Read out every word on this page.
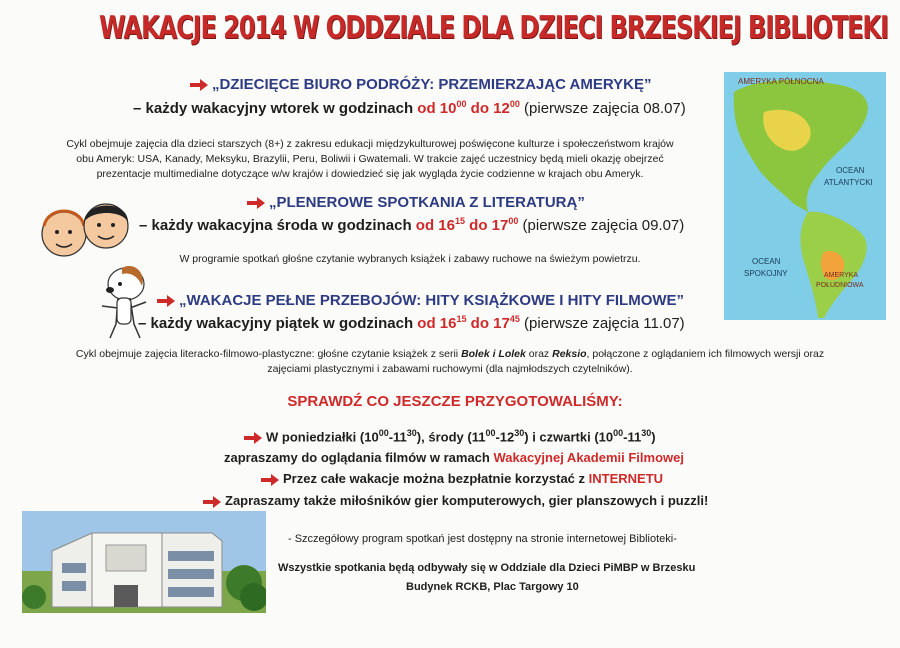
WAKACJE 2014 W ODDZIALE DLA DZIECI BRZESKIEJ BIBLIOTEKI
„DZIECIĘCE BIURO PODRÓŻY: PRZEMIERZAJĄC AMERYKĘ”
– każdy wakacyjny wtorek w godzinach od $10^{00}$ do $12^{00}$ (pierwsze zajęcia 08.07)
Cykl obejmuje zajęcia dla dzieci starszych (8+) z zakresu edukacji międzykulturowej poświęcone kulturze i społeczeństwom krajów
obu Ameryk: USA, Kanady, Meksyku, Brazylii, Peru, Boliwii i Gwatemali. W trakcie zajęć uczestnicy będą mieli okazję obejrzeć
prezentacje multimedialne dotyczące w/w krajów i dowiedzieć się jak wygląda życie codzienne w krajach obu Ameryk.
AMERYKA PÓŁNOCNA
OCEAN
ATLANTYCKI
OCEAN
SPOKOJNY	AMERYKA
POŁUDNIOWA
„PLENEROWE SPOTKANIA Z LITERATURĄ”
– każdy wakacyjna środa w godzinach od $16^{15}$ do $17^{00}$ (pierwsze zajęcia 09.07)
W programie spotkań głośne czytanie wybranych książek i zabawy ruchowe na świeżym powietrzu.
„WAKACJE PEŁNE PRZEBOJÓW: HITY KSIĄŻKOWE I HITY FILMOWE”
– każdy wakacyjny piątek w godzinach od $16^{15}$ do $17^{45}$ (pierwsze zajęcia 11.07)
Cykl obejmuje zajęcia literacko-filmowo-plastyczne: głośne czytanie książek z serii Bolek i Lolek oraz Reksio, połączone z oglądaniem ich filmowych wersji oraz
zajęciami plastycznymi i zabawami ruchowymi (dla najmłodszych czytelników).
SPRAWDŹ CO JESZCZE PRZYGOTOWALIŚMY:
W poniedziałki $(10^{00}-11^{30})$, środy $(11^{00}-12^{30})$ i czwartki $(10^{00}-11^{30})$
zapraszamy do oglądania filmów w ramach Wakacyjnej Akademii Filmowej
Przez całe wakacje można bezpłatnie korzystać z INTERNETU
Zapraszamy także miłośników gier komputerowych, gier planszowych i puzzli!
- Szczegółowy program spotkań jest dostępny na stronie internetowej Biblioteki-
Wszystkie spotkania będą odbywały się w Oddziale dla Dzieci PiMBP w Brzesku
Budynek RCKB, Plac Targowy 10
